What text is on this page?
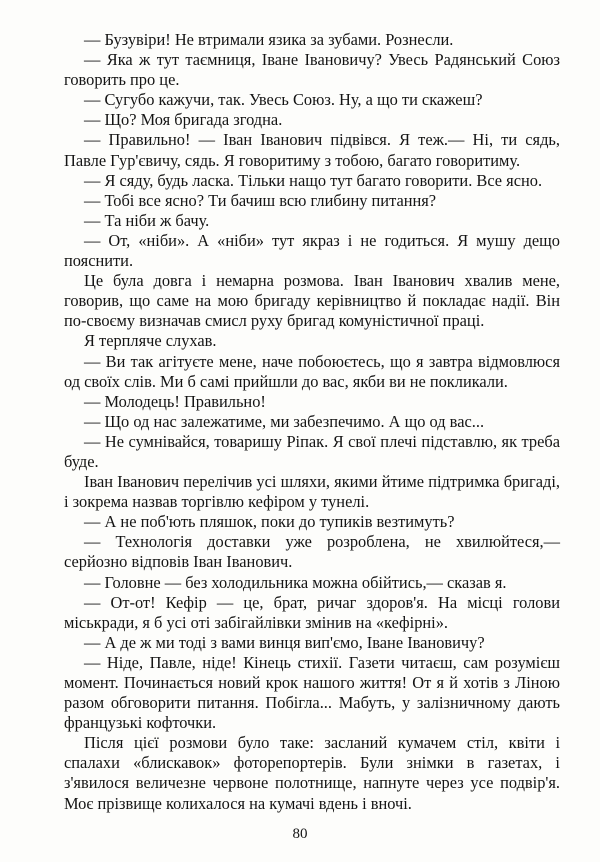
— Бузувіри! Не втримали язика за зубами. Рознесли.

— Яка ж тут таємниця, Іване Івановичу? Увесь Радянський Союз говорить про це.

— Сугубо кажучи, так. Увесь Союз. Ну, а що ти скажеш?

— Що? Моя бригада згодна.

— Правильно! — Іван Іванович підвівся. Я теж.— Ні, ти сядь, Павле Гур'євичу, сядь. Я говоритиму з тобою, багато говоритиму.

— Я сяду, будь ласка. Тільки нащо тут багато говорити. Все ясно.

— Тобі все ясно? Ти бачиш всю глибину питання?

— Та ніби ж бачу.

— От, «ніби». А «ніби» тут якраз і не годиться. Я мушу дещо пояснити.

Це була довга і немарна розмова. Іван Іванович хвалив мене, говорив, що саме на мою бригаду керівництво й покладає надії. Він по-своєму визначав смисл руху бригад комуністичної праці.

Я терпляче слухав.

— Ви так агітуєте мене, наче побоюєтесь, що я завтра відмовлюся од своїх слів. Ми б самі прийшли до вас, якби ви не покликали.

— Молодець! Правильно!

— Що од нас залежатиме, ми забезпечимо. А що од вас...

— Не сумнівайся, товаришу Ріпак. Я свої плечі підставлю, як треба буде.

Іван Іванович перелічив усі шляхи, якими йтиме підтримка бригаді, і зокрема назвав торгівлю кефіром у тунелі.

— А не поб'ють пляшок, поки до тупиків везтимуть?

— Технологія доставки уже розроблена, не хвилюйтеся,— серйозно відповів Іван Іванович.

— Головне — без холодильника можна обійтись,— сказав я.

— От-от! Кефір — це, брат, ричаг здоров'я. На місці голови міськради, я б усі оті забігайлівки змінив на «кефірні».

— А де ж ми тоді з вами винця вип'ємо, Іване Івановичу?

— Ніде, Павле, ніде! Кінець стихії. Газети читаєш, сам розумієш момент. Починається новий крок нашого життя! От я й хотів з Ліною разом обговорити питання. Побігла... Мабуть, у залізничному дають французькі кофточки.

Після цієї розмови було таке: засланий кумачем стіл, квіти і спалахи «блискавок» фоторепортерів. Були знімки в газетах, і з'явилося величезне червоне полотнище, напнуте через усе подвір'я. Моє прізвище колихалося на кумачі вдень і вночі.

80
